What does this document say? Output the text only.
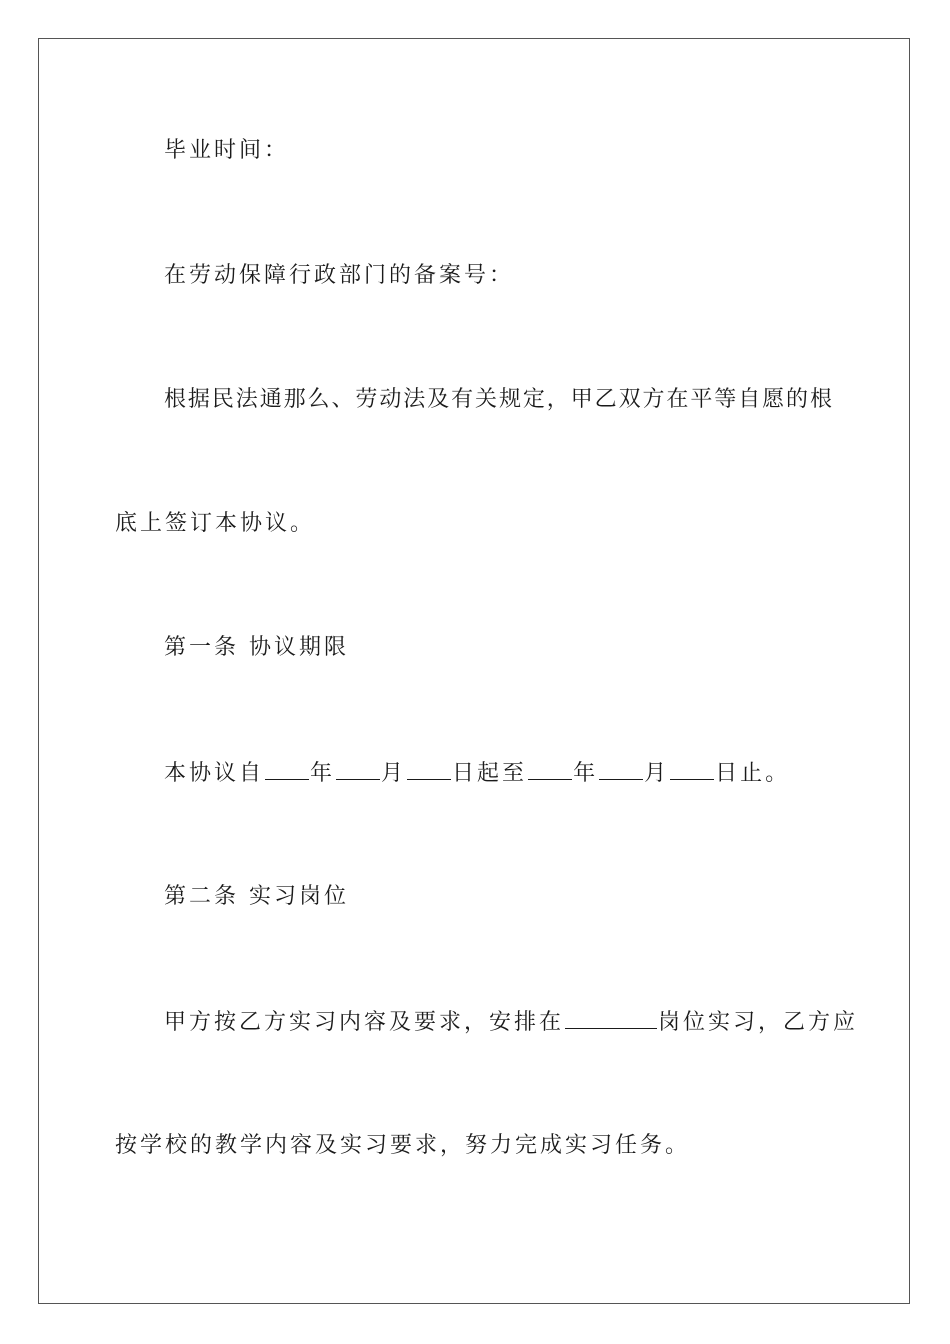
毕业时间：

在劳动保障行政部门的备案号：

根据民法通那么、劳动法及有关规定，甲乙双方在平等自愿的根

底上签订本协议。

第一条 协议期限

本协议自 年 月 日起至 年 月 日止。

第二条 实习岗位

甲方按乙方实习内容及要求，安排在	岗位实习，乙方应

按学校的教学内容及实习要求，努力完成实习任务。
